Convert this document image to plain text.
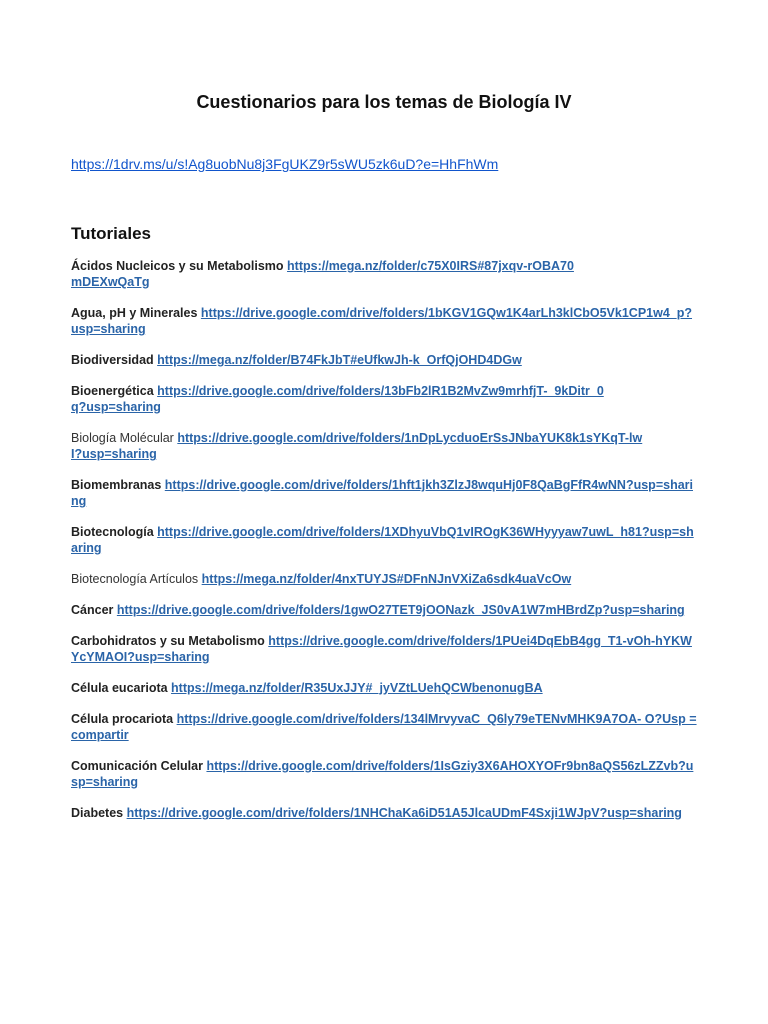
Cuestionarios para los temas de Biología IV
https://1drv.ms/u/s!Ag8uobNu8j3FgUKZ9r5sWU5zk6uD?e=HhFhWm
Tutoriales
Ácidos Nucleicos y su Metabolismo https://mega.nz/folder/c75X0IRS#87jxqv-rOBA70mDEXwQaTg
Agua, pH y Minerales https://drive.google.com/drive/folders/1bKGV1GQw1K4arLh3klCbO5Vk1CP1w4_p?usp=sharing
Biodiversidad https://mega.nz/folder/B74FkJbT#eUfkwJh-k_OrfQjOHD4DGw
Bioenergética https://drive.google.com/drive/folders/13bFb2lR1B2MvZw9mrhfjT-_9kDitr_0q?usp=sharing
Biología Molécular https://drive.google.com/drive/folders/1nDpLycduoErSsJNbaYUK8k1sYKqT-lwI?usp=sharing
Biomembranas https://drive.google.com/drive/folders/1hft1jkh3ZlzJ8wquHj0F8QaBgFfR4wNN?usp=sharing
Biotecnología https://drive.google.com/drive/folders/1XDhyuVbQ1vIROgK36WHyyyaw7uwL_h81?usp=sharing
Biotecnología Artículos https://mega.nz/folder/4nxTUYJS#DFnNJnVXiZa6sdk4uaVcOw
Cáncer https://drive.google.com/drive/folders/1gwO27TET9jOONazk_JS0vA1W7mHBrdZp?usp=sharing
Carbohidratos y su Metabolismo https://drive.google.com/drive/folders/1PUei4DqEbB4gg_T1-vOh-hYKWYcYMAOI?usp=sharing
Célula eucariota https://mega.nz/folder/R35UxJJY#_jyVZtLUehQCWbenonugBA
Célula procariota https://drive.google.com/drive/folders/134lMrvyvaC_Q6ly79eTENvMHK9A7OA- O?Usp = compartir
Comunicación Celular https://drive.google.com/drive/folders/1IsGziy3X6AHOXYOFr9bn8aQS56zLZZvb?usp=sharing
Diabetes https://drive.google.com/drive/folders/1NHChaKa6iD51A5JlcaUDmF4Sxji1WJpV?usp=sharing
